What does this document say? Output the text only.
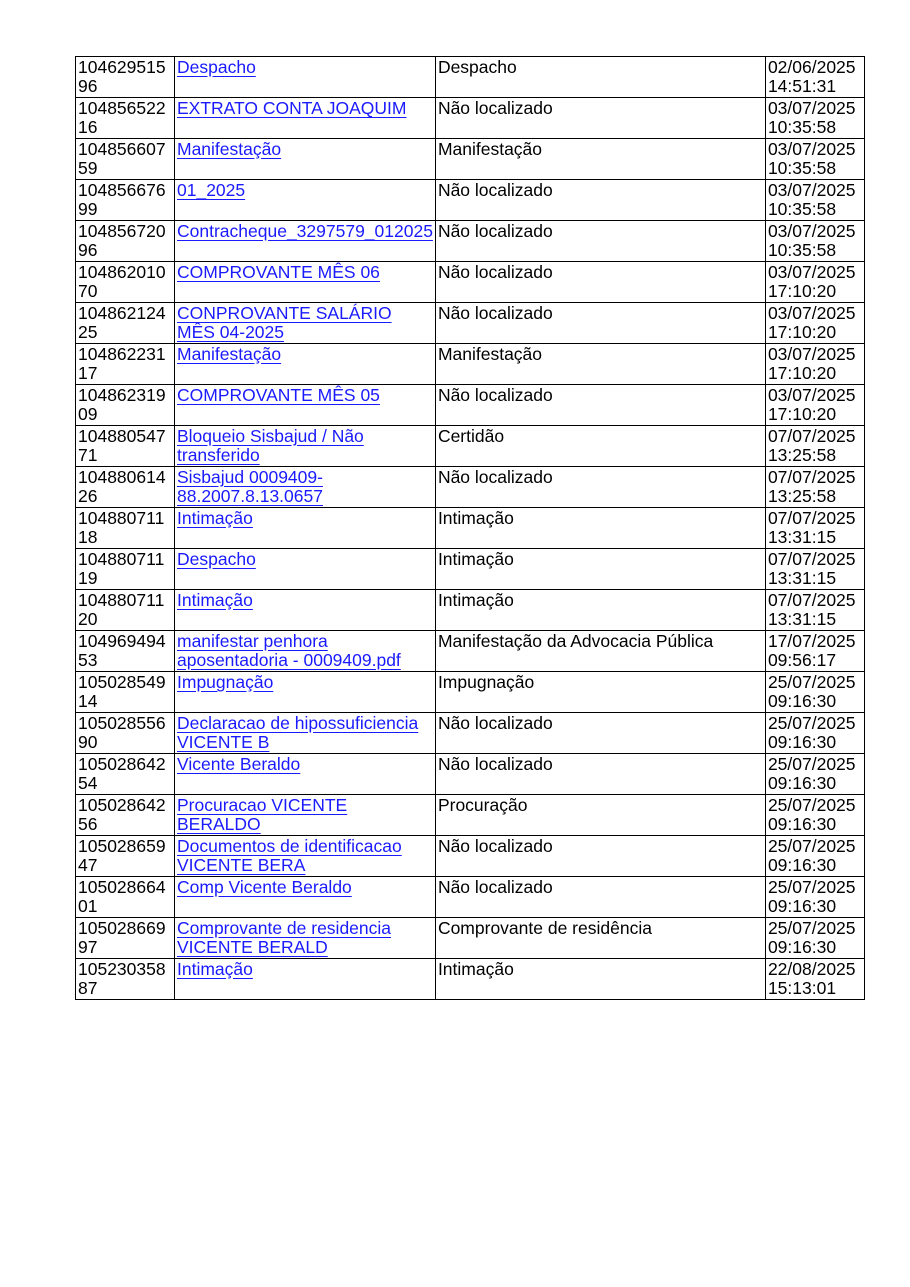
10462951596	Despacho	Despacho	02/06/2025
14:51:31
10485652216	EXTRATO CONTA JOAQUIM	Não localizado	03/07/2025
10:35:58
10485660759	Manifestação	Manifestação	03/07/2025
10:35:58
10485667699	01_2025	Não localizado	03/07/2025
10:35:58
10485672096	Contracheque_3297579_012025	Não localizado	03/07/2025
10:35:58
10486201070	COMPROVANTE MÊS 06	Não localizado	03/07/2025
17:10:20
10486212425	CONPROVANTE SALÁRIO MÊS 04-2025	Não localizado	03/07/2025
17:10:20
10486223117	Manifestação	Manifestação	03/07/2025
17:10:20
10486231909	COMPROVANTE MÊS 05	Não localizado	03/07/2025
17:10:20
10488054771	Bloqueio Sisbajud / Não transferido	Certidão	07/07/2025
13:25:58
10488061426	Sisbajud 0009409-88.2007.8.13.0657	Não localizado	07/07/2025
13:25:58
10488071118	Intimação	Intimação	07/07/2025
13:31:15
10488071119	Despacho	Intimação	07/07/2025
13:31:15
10488071120	Intimação	Intimação	07/07/2025
13:31:15
10496949453	manifestar penhora aposentadoria - 0009409.pdf	Manifestação da Advocacia Pública	17/07/2025
09:56:17
10502854914	Impugnação	Impugnação	25/07/2025
09:16:30
10502855690	Declaracao de hipossuficiencia VICENTE B	Não localizado	25/07/2025
09:16:30
10502864254	Vicente Beraldo	Não localizado	25/07/2025
09:16:30
10502864256	Procuracao VICENTE BERALDO	Procuração	25/07/2025
09:16:30
10502865947	Documentos de identificacao VICENTE BERA	Não localizado	25/07/2025
09:16:30
10502866401	Comp Vicente Beraldo	Não localizado	25/07/2025
09:16:30
10502866997	Comprovante de residencia VICENTE BERALD	Comprovante de residência	25/07/2025
09:16:30
10523035887	Intimação	Intimação	22/08/2025
15:13:01
